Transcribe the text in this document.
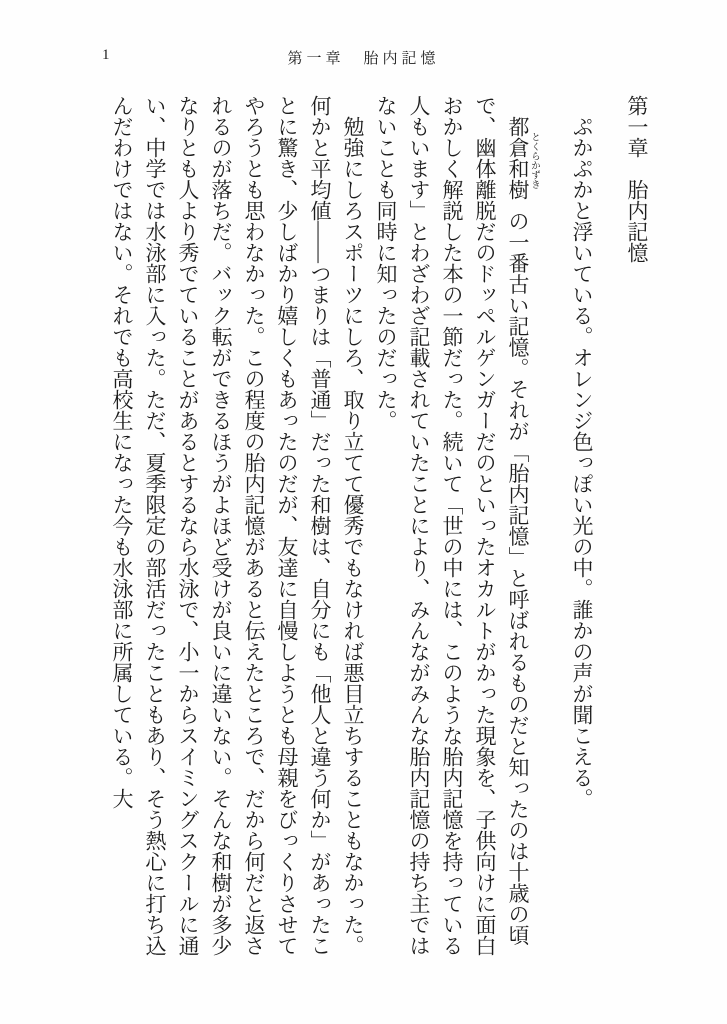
1	第一章　胎内記憶
第一章　胎内記憶

ぷかぷかと浮いている。オレンジ色っぽい光の中。誰かの声が聞こえる。

都倉和樹 とくらかずき の一番古い記憶。それが「胎内記憶」と呼ばれるものだと知ったのは十歳の頃で、幽体離脱だのドッペルゲンガーだのといったオカルトがかった現象を、子供向けに面白おかしく解説した本の一節だった。続いて「世の中には、このような胎内記憶を持っている人もいます」とわざわざ記載されていたことにより、みんながみんな胎内記憶の持ち主ではないことも同時に知ったのだった。

勉強にしろスポーツにしろ、取り立てて優秀でもなければ悪目立ちすることもなかった。何かと平均値――つまりは「普通」だった和樹は、自分にも「他人と違う何か」があったことに驚き、少しばかり嬉しくもあったのだが、友達に自慢しようとも母親をびっくりさせてやろうとも思わなかった。この程度の胎内記憶があると伝えたところで、だから何だと返されるのが落ちだ。バック転ができるほうがよほど受けが良いに違いない。そんな和樹が多少なりとも人より秀でていることがあるとするなら水泳で、小一からスイミングスクールに通い、中学では水泳部に入った。ただ、夏季限定の部活だったこともあり、そう熱心に打ち込んだわけではない。それでも高校生になった今も水泳部に所属している。大
